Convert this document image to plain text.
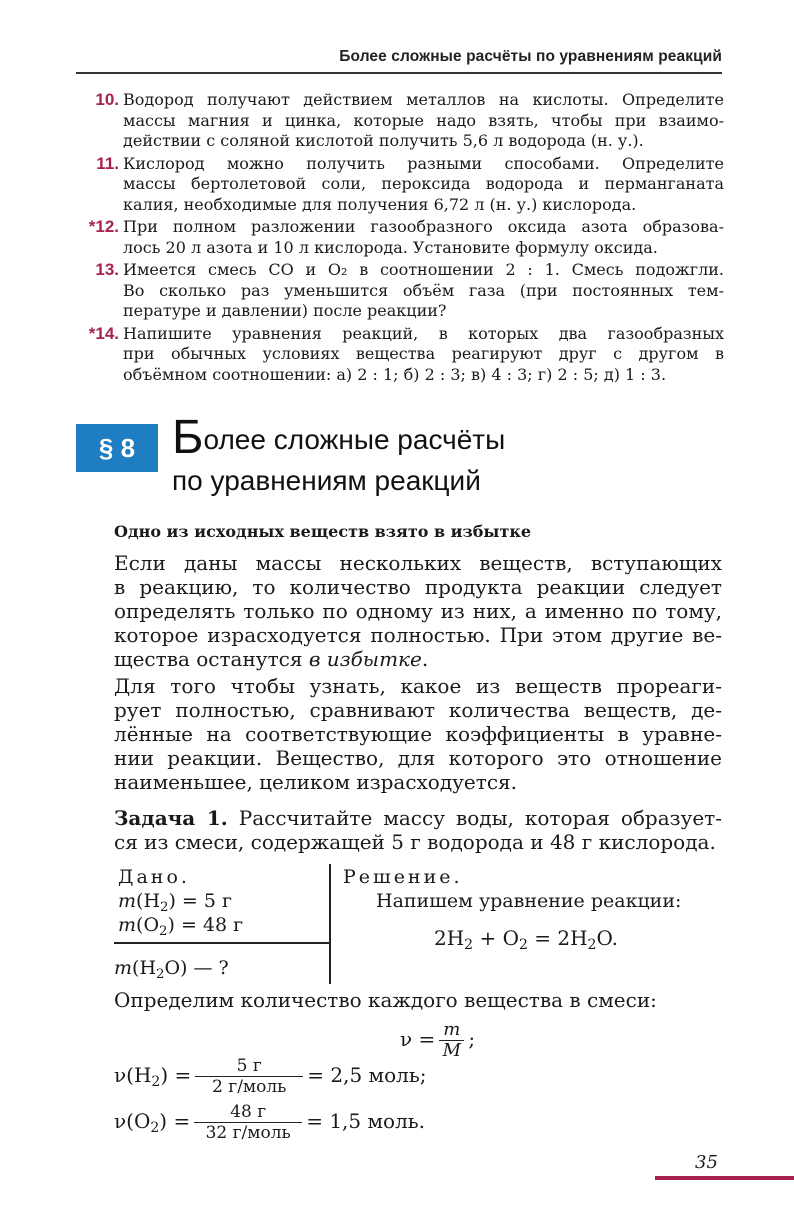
Более сложные расчёты по уравнениям реакций
10. Водород получают действием металлов на кислоты. Определите
массы магния и цинка, которые надо взять, чтобы при взаимо-
действии с соляной кислотой получить 5,6 л водорода (н. у.).
11. Кислород можно получить разными способами. Определите
массы бертолетовой соли, пероксида водорода и перманганата
калия, необходимые для получения 6,72 л (н. у.) кислорода.
*12. При полном разложении газообразного оксида азота образова-
лось 20 л азота и 10 л кислорода. Установите формулу оксида.
13. Имеется смесь CO и O₂ в соотношении 2 : 1. Смесь подожгли.
Во сколько раз уменьшится объём газа (при постоянных тем-
пературе и давлении) после реакции?
*14. Напишите уравнения реакций, в которых два газообразных
при обычных условиях вещества реагируют друг с другом в
объёмном соотношении: а) 2 : 1; б) 2 : 3; в) 4 : 3; г) 2 : 5; д) 1 : 3.
§ 8 Более сложные расчёты
по уравнениям реакций
Одно из исходных веществ взято в избытке
Если даны массы нескольких веществ, вступающих
в реакцию, то количество продукта реакции следует
определять только по одному из них, а именно по тому,
которое израсходуется полностью. При этом другие ве-
щества останутся в избытке.
Для того чтобы узнать, какое из веществ прореаги-
рует полностью, сравнивают количества веществ, де-
лённые на соответствующие коэффициенты в уравне-
нии реакции. Вещество, для которого это отношение
наименьшее, целиком израсходуется.
Задача 1. Рассчитайте массу воды, которая образует-
ся из смеси, содержащей 5 г водорода и 48 г кислорода.
Дано.
$m(H_2) = 5$ г
$m(O_2) = 48$ г
$m(H_2O)$ — ?
Решение.
Напишем уравнение реакции:
$2H_2 + O_2 = 2H_2O$.
Определим количество каждого вещества в смеси:
$\nu = \frac{m}{M}$ ;
$\nu(H_2) = \frac{5 г}{\text{2 г/моль}} = 2,5$ моль;
$\nu(O_2) = \frac{48 г}{\text{32 г/моль}} = 1,5$ моль.
35
